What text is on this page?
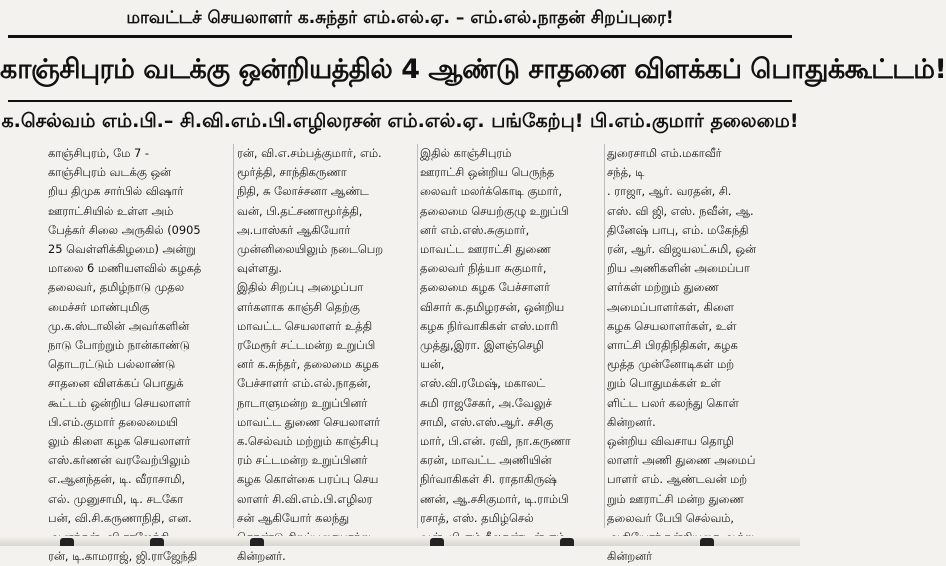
மாவட்டச் செயலாளர் க.சுந்தர் எம்.எல்.ஏ. – எம்.எல்.நாதன் சிறப்புரை!
காஞ்சிபுரம் வடக்கு ஒன்றியத்தில் 4 ஆண்டு சாதனை விளக்கப் பொதுக்கூட்டம்!
க.செல்வம் எம்.பி.– சி.வி.எம்.பி.எழிலரசன் எம்.எல்.ஏ. பங்கேற்பு! பி.எம்.குமார் தலைமை!

காஞ்சிபுரம், மே 7 -

காஞ்சிபுரம் வடக்கு ஒன்

றிய திமுக சார்பில் விஷார்

ஊராட்சியில் உள்ள அம்

பேத்கர் சிலை அருகில் (0905

25 வெள்ளிக்கிழமை) அன்று

மாலை 6 மணியளவில் கழகத்

தலைவர், தமிழ்நாடு முதல

மைச்சர் மாண்புமிகு

மு.க.ஸ்டாலின் அவர்களின்

நாடு போற்றும் நான்காண்டு

தொடரட்டும் பல்லாண்டு

சாதனை விளக்கப் பொதுக்

கூட்டம் ஒன்றிய செயலாளர்

பி.எம்.குமார் தலைமையி

லும் கிளை கழக செயலாளர்

எஸ்.கர்ணன் வரவேற்பிலும்

எ.ஆனந்தன், டி. வீராசாமி,

எல். முனுசாமி, டி. சடகோ

பன், வி.சி.கருணாநிதி, என.

ரன், டி.காமராஜ், ஜி.ராஜேந்தி

ரன், வி.எ.சம்பத்குமார், எம்.

மூர்த்தி, சாந்திகருணா

நிதி, சு லோச்சனா ஆண்ட

வன், பி.தட்சணாமூர்த்தி,

அ.பாஸ்கர் ஆகியோர்

முன்னிலையிலும் நடைபெற

வுள்ளது.

இதில் சிறப்பு அழைப்பா

ளர்களாக காஞ்சி தெற்கு

மாவட்ட செயலாளர் உத்தி

ரமேரூர் சட்டமன்ற உறுப்பி

னர் க.சுந்தர், தலைமை கழக

பேச்சாளர் எம்.எல்.நாதன்,

நாடாளுமன்ற உறுப்பினர்

மாவட்ட துணை செயலாளர்

க.செல்வம் மற்றும் காஞ்சிபு

ரம் சட்டமன்ற உறுப்பினர்

கழக கொள்கை பரப்பு செய

லாளர் சி.வி.எம்.பி.எழிலர

சன் ஆகியோர் கலந்து

கின்றனர்.

இதில் காஞ்சிபுரம்

ஊராட்சி ஒன்றிய பெருந்த

லைவர் மலர்க்கொடி குமார்,

தலைமை செயற்குழு உறுப்பி

னர் எம்.எஸ்.சுகுமார்,

மாவட்ட ஊராட்சி துணை

தலைவர் நித்யா சுகுமார்,

தலைமை கழக பேச்சாளர்

விசார் க.தமிழரசன், ஒன்றிய

கழக நிர்வாகிகள் எஸ்.மாரி

முத்து,இரா. இளஞ்செழி

யன்,

எஸ்.வி.ரமேஷ், மகாலட்

சுமி ராஜசேகர், அ.வேலுச்

சாமி, எஸ்.எஸ்.ஆர். சசிகு

மார், பி.என். ரவி, நா.கருணா

கரன், மாவட்ட அணியின்

நிர்வாகிகள் சி. ராதாகிருஷ்

ணன், ஆ.சசிகுமார், டி.ராம்பி

ரசாத், எஸ். தமிழ்செல்

துரைசாமி எம்.மகாவீர்

சந்த், டி

. ராஜா, ஆர். வரதன், சி.

எஸ். வி ஜி, எஸ். நவீன், ஆ.

தினேஷ் பாபு, எம். மகேந்தி

ரன், ஆர். விஜயலட்சுமி, ஒன்

றிய அணிகளின் அமைப்பா

ளர்கள் மற்றும் துணை

அமைப்பாளர்கள், கிளை

கழக செயலாளர்கள், உள்

ளாட்சி பிரதிநிதிகள், கழக

மூத்த முன்னோடிகள் மற்

றும் பொதுமக்கள் உள்

ளிட்ட பலர் கலந்து கொள்

கின்றனர்.

ஒன்றிய விவசாய தொழி

லாளர் அணி துணை அமைப்

பாளர் எம். ஆண்டவன் மற்

றும் ஊராட்சி மன்ற துணை

தலைவர் பேபி செல்வம்,

கின்றனர்
